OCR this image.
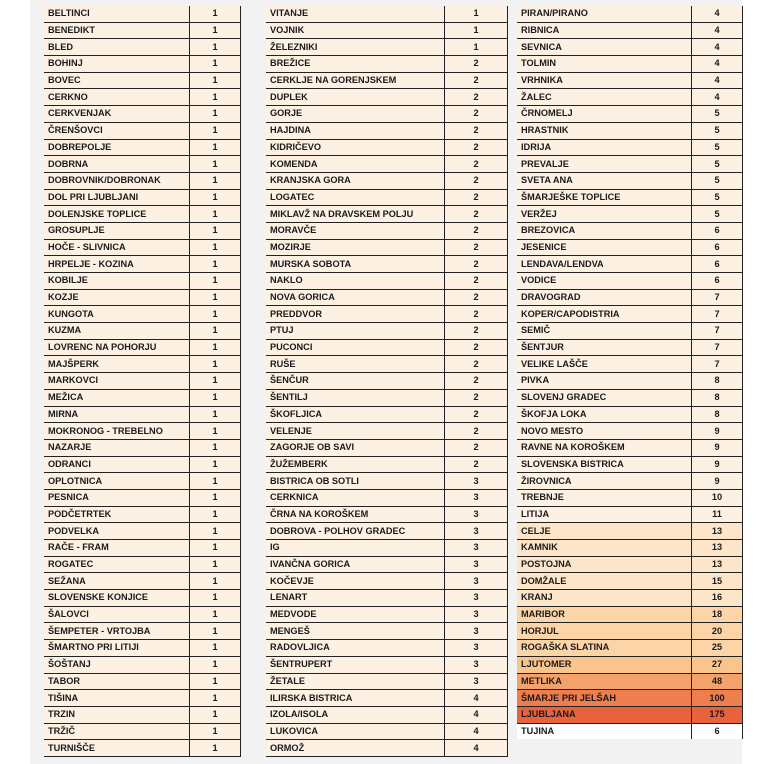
BELTINCI	1
BENEDIKT	1
BLED	1
BOHINJ	1
BOVEC	1
CERKNO	1
CERKVENJAK	1
ČRENŠOVCI	1
DOBREPOLJE	1
DOBRNA	1
DOBROVNIK/DOBRONAK	1
DOL PRI LJUBLJANI	1
DOLENJSKE TOPLICE	1
GROSUPLJE	1
HOČE - SLIVNICA	1
HRPELJE - KOZINA	1
KOBILJE	1
KOZJE	1
KUNGOTA	1
KUZMA	1
LOVRENC NA POHORJU	1
MAJŠPERK	1
MARKOVCI	1
MEŽICA	1
MIRNA	1
MOKRONOG - TREBELNO	1
NAZARJE	1
ODRANCI	1
OPLOTNICA	1
PESNICA	1
PODČETRTEK	1
PODVELKA	1
RAČE - FRAM	1
ROGATEC	1
SEŽANA	1
SLOVENSKE KONJICE	1
ŠALOVCI	1
ŠEMPETER - VRTOJBA	1
ŠMARTNO PRI LITIJI	1
ŠOŠTANJ	1
TABOR	1
TIŠINA	1
TRZIN	1
TRŽIČ	1
TURNIŠČE	1
VITANJE	1
VOJNIK	1
ŽELEZNIKI	1
BREŽICE	2
CERKLJE NA GORENJSKEM	2
DUPLEK	2
GORJE	2
HAJDINA	2
KIDRIČEVO	2
KOMENDA	2
KRANJSKA GORA	2
LOGATEC	2
MIKLAVŽ NA DRAVSKEM POLJU	2
MORAVČE	2
MOZIRJE	2
MURSKA SOBOTA	2
NAKLO	2
NOVA GORICA	2
PREDDVOR	2
PTUJ	2
PUCONCI	2
RUŠE	2
ŠENČUR	2
ŠENTILJ	2
ŠKOFLJICA	2
VELENJE	2
ZAGORJE OB SAVI	2
ŽUŽEMBERK	2
BISTRICA OB SOTLI	3
CERKNICA	3
ČRNA NA KOROŠKEM	3
DOBROVA - POLHOV GRADEC	3
IG	3
IVANČNA GORICA	3
KOČEVJE	3
LENART	3
MEDVODE	3
MENGEŠ	3
RADOVLJICA	3
ŠENTRUPERT	3
ŽETALE	3
ILIRSKA BISTRICA	4
IZOLA/ISOLA	4
LUKOVICA	4
ORMOŽ	4
PIRAN/PIRANO	4
RIBNICA	4
SEVNICA	4
TOLMIN	4
VRHNIKA	4
ŽALEC	4
ČRNOMELJ	5
HRASTNIK	5
IDRIJA	5
PREVALJE	5
SVETA ANA	5
ŠMARJEŠKE TOPLICE	5
VERŽEJ	5
BREZOVICA	6
JESENICE	6
LENDAVA/LENDVA	6
VODICE	6
DRAVOGRAD	7
KOPER/CAPODISTRIA	7
SEMIČ	7
ŠENTJUR	7
VELIKE LAŠČE	7
PIVKA	8
SLOVENJ GRADEC	8
ŠKOFJA LOKA	8
NOVO MESTO	9
RAVNE NA KOROŠKEM	9
SLOVENSKA BISTRICA	9
ŽIROVNICA	9
TREBNJE	10
LITIJA	11
CELJE	13
KAMNIK	13
POSTOJNA	13
DOMŽALE	15
KRANJ	16
MARIBOR	18
HORJUL	20
ROGAŠKA SLATINA	25
LJUTOMER	27
METLIKA	48
ŠMARJE PRI JELŠAH	100
LJUBLJANA	175
TUJINA	6
